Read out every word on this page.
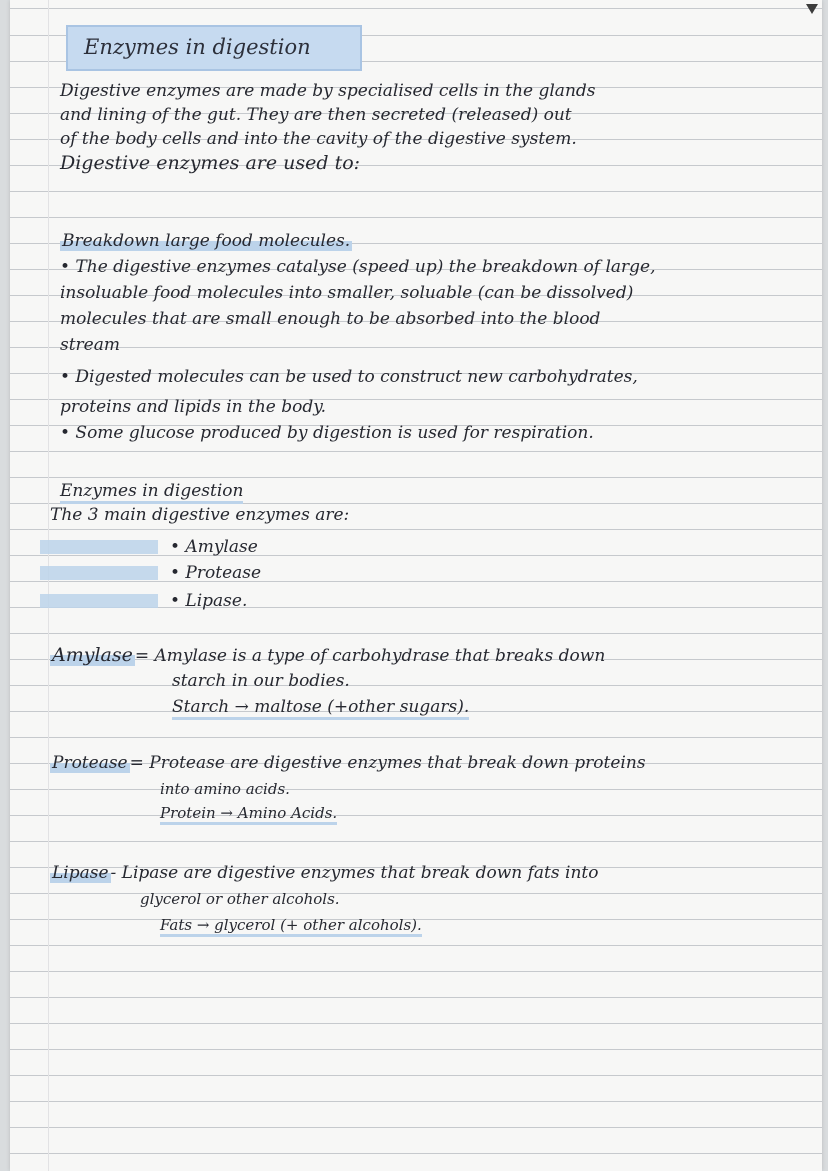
Enzymes in digestion

Digestive enzymes are made by specialised cells in the glands

and lining of the gut. They are then secreted (released) out

of the body cells and into the cavity of the digestive system.

Digestive enzymes are used to:

Breakdown large food molecules.

• The digestive enzymes catalyse (speed up) the breakdown of large,

insoluable food molecules into smaller, soluable (can be dissolved)

molecules that are small enough to be absorbed into the blood

stream

• Digested molecules can be used to construct new carbohydrates,

proteins and lipids in the body.

• Some glucose produced by digestion is used for respiration.

Enzymes in digestion

The 3 main digestive enzymes are:

• Amylase

• Protease

• Lipase.

Amylase = Amylase is a type of carbohydrase that breaks down

starch in our bodies.

Starch → maltose (+other sugars).

Protease = Protease are digestive enzymes that break down proteins

into amino acids.

Protein → Amino Acids.

Lipase - Lipase are digestive enzymes that break down fats into

glycerol or other alcohols.

Fats → glycerol (+ other alcohols).
